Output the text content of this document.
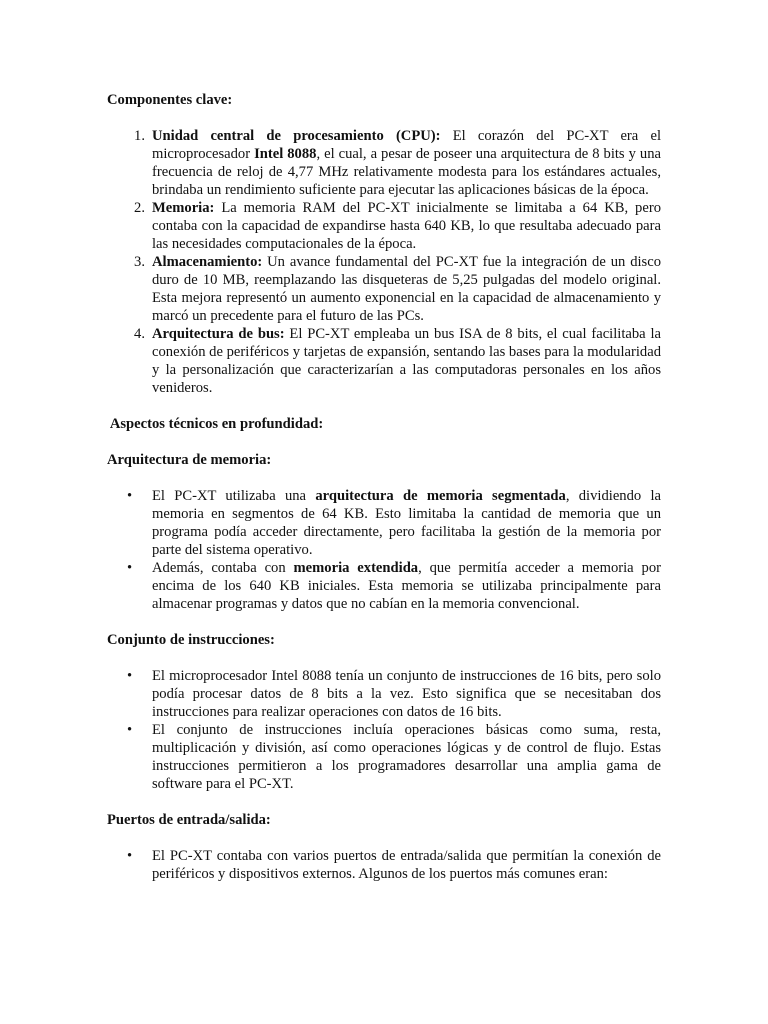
Componentes clave:
1. Unidad central de procesamiento (CPU): El corazón del PC-XT era el microprocesador Intel 8088, el cual, a pesar de poseer una arquitectura de 8 bits y una frecuencia de reloj de 4,77 MHz relativamente modesta para los estándares actuales, brindaba un rendimiento suficiente para ejecutar las aplicaciones básicas de la época.
2. Memoria: La memoria RAM del PC-XT inicialmente se limitaba a 64 KB, pero contaba con la capacidad de expandirse hasta 640 KB, lo que resultaba adecuado para las necesidades computacionales de la época.
3. Almacenamiento: Un avance fundamental del PC-XT fue la integración de un disco duro de 10 MB, reemplazando las disqueteras de 5,25 pulgadas del modelo original. Esta mejora representó un aumento exponencial en la capacidad de almacenamiento y marcó un precedente para el futuro de las PCs.
4. Arquitectura de bus: El PC-XT empleaba un bus ISA de 8 bits, el cual facilitaba la conexión de periféricos y tarjetas de expansión, sentando las bases para la modularidad y la personalización que caracterizarían a las computadoras personales en los años venideros.
Aspectos técnicos en profundidad:
Arquitectura de memoria:
•	El PC-XT utilizaba una arquitectura de memoria segmentada, dividiendo la memoria en segmentos de 64 KB. Esto limitaba la cantidad de memoria que un programa podía acceder directamente, pero facilitaba la gestión de la memoria por parte del sistema operativo.
•	Además, contaba con memoria extendida, que permitía acceder a memoria por encima de los 640 KB iniciales. Esta memoria se utilizaba principalmente para almacenar programas y datos que no cabían en la memoria convencional.
Conjunto de instrucciones:
•	El microprocesador Intel 8088 tenía un conjunto de instrucciones de 16 bits, pero solo podía procesar datos de 8 bits a la vez. Esto significa que se necesitaban dos instrucciones para realizar operaciones con datos de 16 bits.
•	El conjunto de instrucciones incluía operaciones básicas como suma, resta, multiplicación y división, así como operaciones lógicas y de control de flujo. Estas instrucciones permitieron a los programadores desarrollar una amplia gama de software para el PC-XT.
Puertos de entrada/salida:
•	El PC-XT contaba con varios puertos de entrada/salida que permitían la conexión de periféricos y dispositivos externos. Algunos de los puertos más comunes eran:
